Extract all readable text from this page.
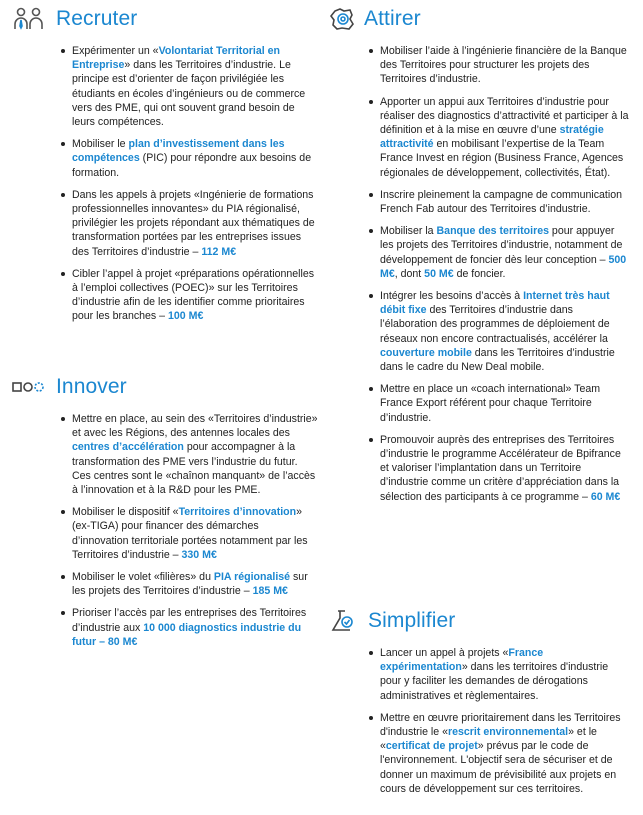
Recruter
Expérimenter un «Volontariat Territorial en Entreprise» dans les Territoires d’industrie. Le principe est d’orienter de façon privilégiée les étudiants en écoles d’ingénieurs ou de commerce vers des PME, qui ont souvent grand besoin de leurs compétences.
Mobiliser le plan d’investissement dans les compétences (PIC) pour répondre aux besoins de formation.
Dans les appels à projets «Ingénierie de formations professionnelles innovantes» du PIA régionalisé, privilégier les projets répondant aux thématiques de transformation portées par les entreprises issues des Territoires d’industrie – 112 M€
Cibler l’appel à projet «préparations opérationnelles à l’emploi collectives (POEC)» sur les Territoires d’industrie afin de les identifier comme prioritaires pour les branches – 100 M€
Innover
Mettre en place, au sein des «Territoires d’industrie» et avec les Régions, des antennes locales des centres d’accélération pour accompagner à la transformation des PME vers l’industrie du futur. Ces centres sont le «chaînon manquant» de l’accès à l’innovation et à la R&D pour les PME.
Mobiliser le dispositif «Territoires d’innovation» (ex-TIGA) pour financer des démarches d’innovation territoriale portées notamment par les Territoires d’industrie – 330 M€
Mobiliser le volet «filières» du PIA régionalisé sur les projets des Territoires d’industrie – 185 M€
Prioriser l’accès par les entreprises des Territoires d’industrie aux 10 000 diagnostics industrie du futur – 80 M€
Attirer
Mobiliser l’aide à l’ingénierie financière de la Banque des Territoires pour structurer les projets des Territoires d’industrie.
Apporter un appui aux Territoires d’industrie pour réaliser des diagnostics d’attractivité et participer à la définition et à la mise en œuvre d’une stratégie attractivité en mobilisant l’expertise de la Team France Invest en région (Business France, Agences régionales de développement, collectivités, État).
Inscrire pleinement la campagne de communication French Fab autour des Territoires d’industrie.
Mobiliser la Banque des territoires pour appuyer les projets des Territoires d’industrie, notamment de développement de foncier dès leur conception – 500 M€, dont 50 M€ de foncier.
Intégrer les besoins d’accès à Internet très haut débit fixe des Territoires d’industrie dans l’élaboration des programmes de déploiement de réseaux non encore contractualisés, accélérer la couverture mobile dans les Territoires d’industrie dans le cadre du New Deal mobile.
Mettre en place un «coach international» Team France Export référent pour chaque Territoire d’industrie.
Promouvoir auprès des entreprises des Territoires d’industrie le programme Accélérateur de Bpifrance et valoriser l’implantation dans un Territoire d’industrie comme un critère d’appréciation dans la sélection des participants à ce programme – 60 M€
Simplifier
Lancer un appel à projets «France expérimentation» dans les territoires d'industrie pour y faciliter les demandes de dérogations administratives et règlementaires.
Mettre en œuvre prioritairement dans les Territoires d'industrie le «rescrit environnemental» et le «certificat de projet» prévus par le code de l'environnement. L'objectif sera de sécuriser et de donner un maximum de prévisibilité aux projets en cours de développement sur ces territoires.
